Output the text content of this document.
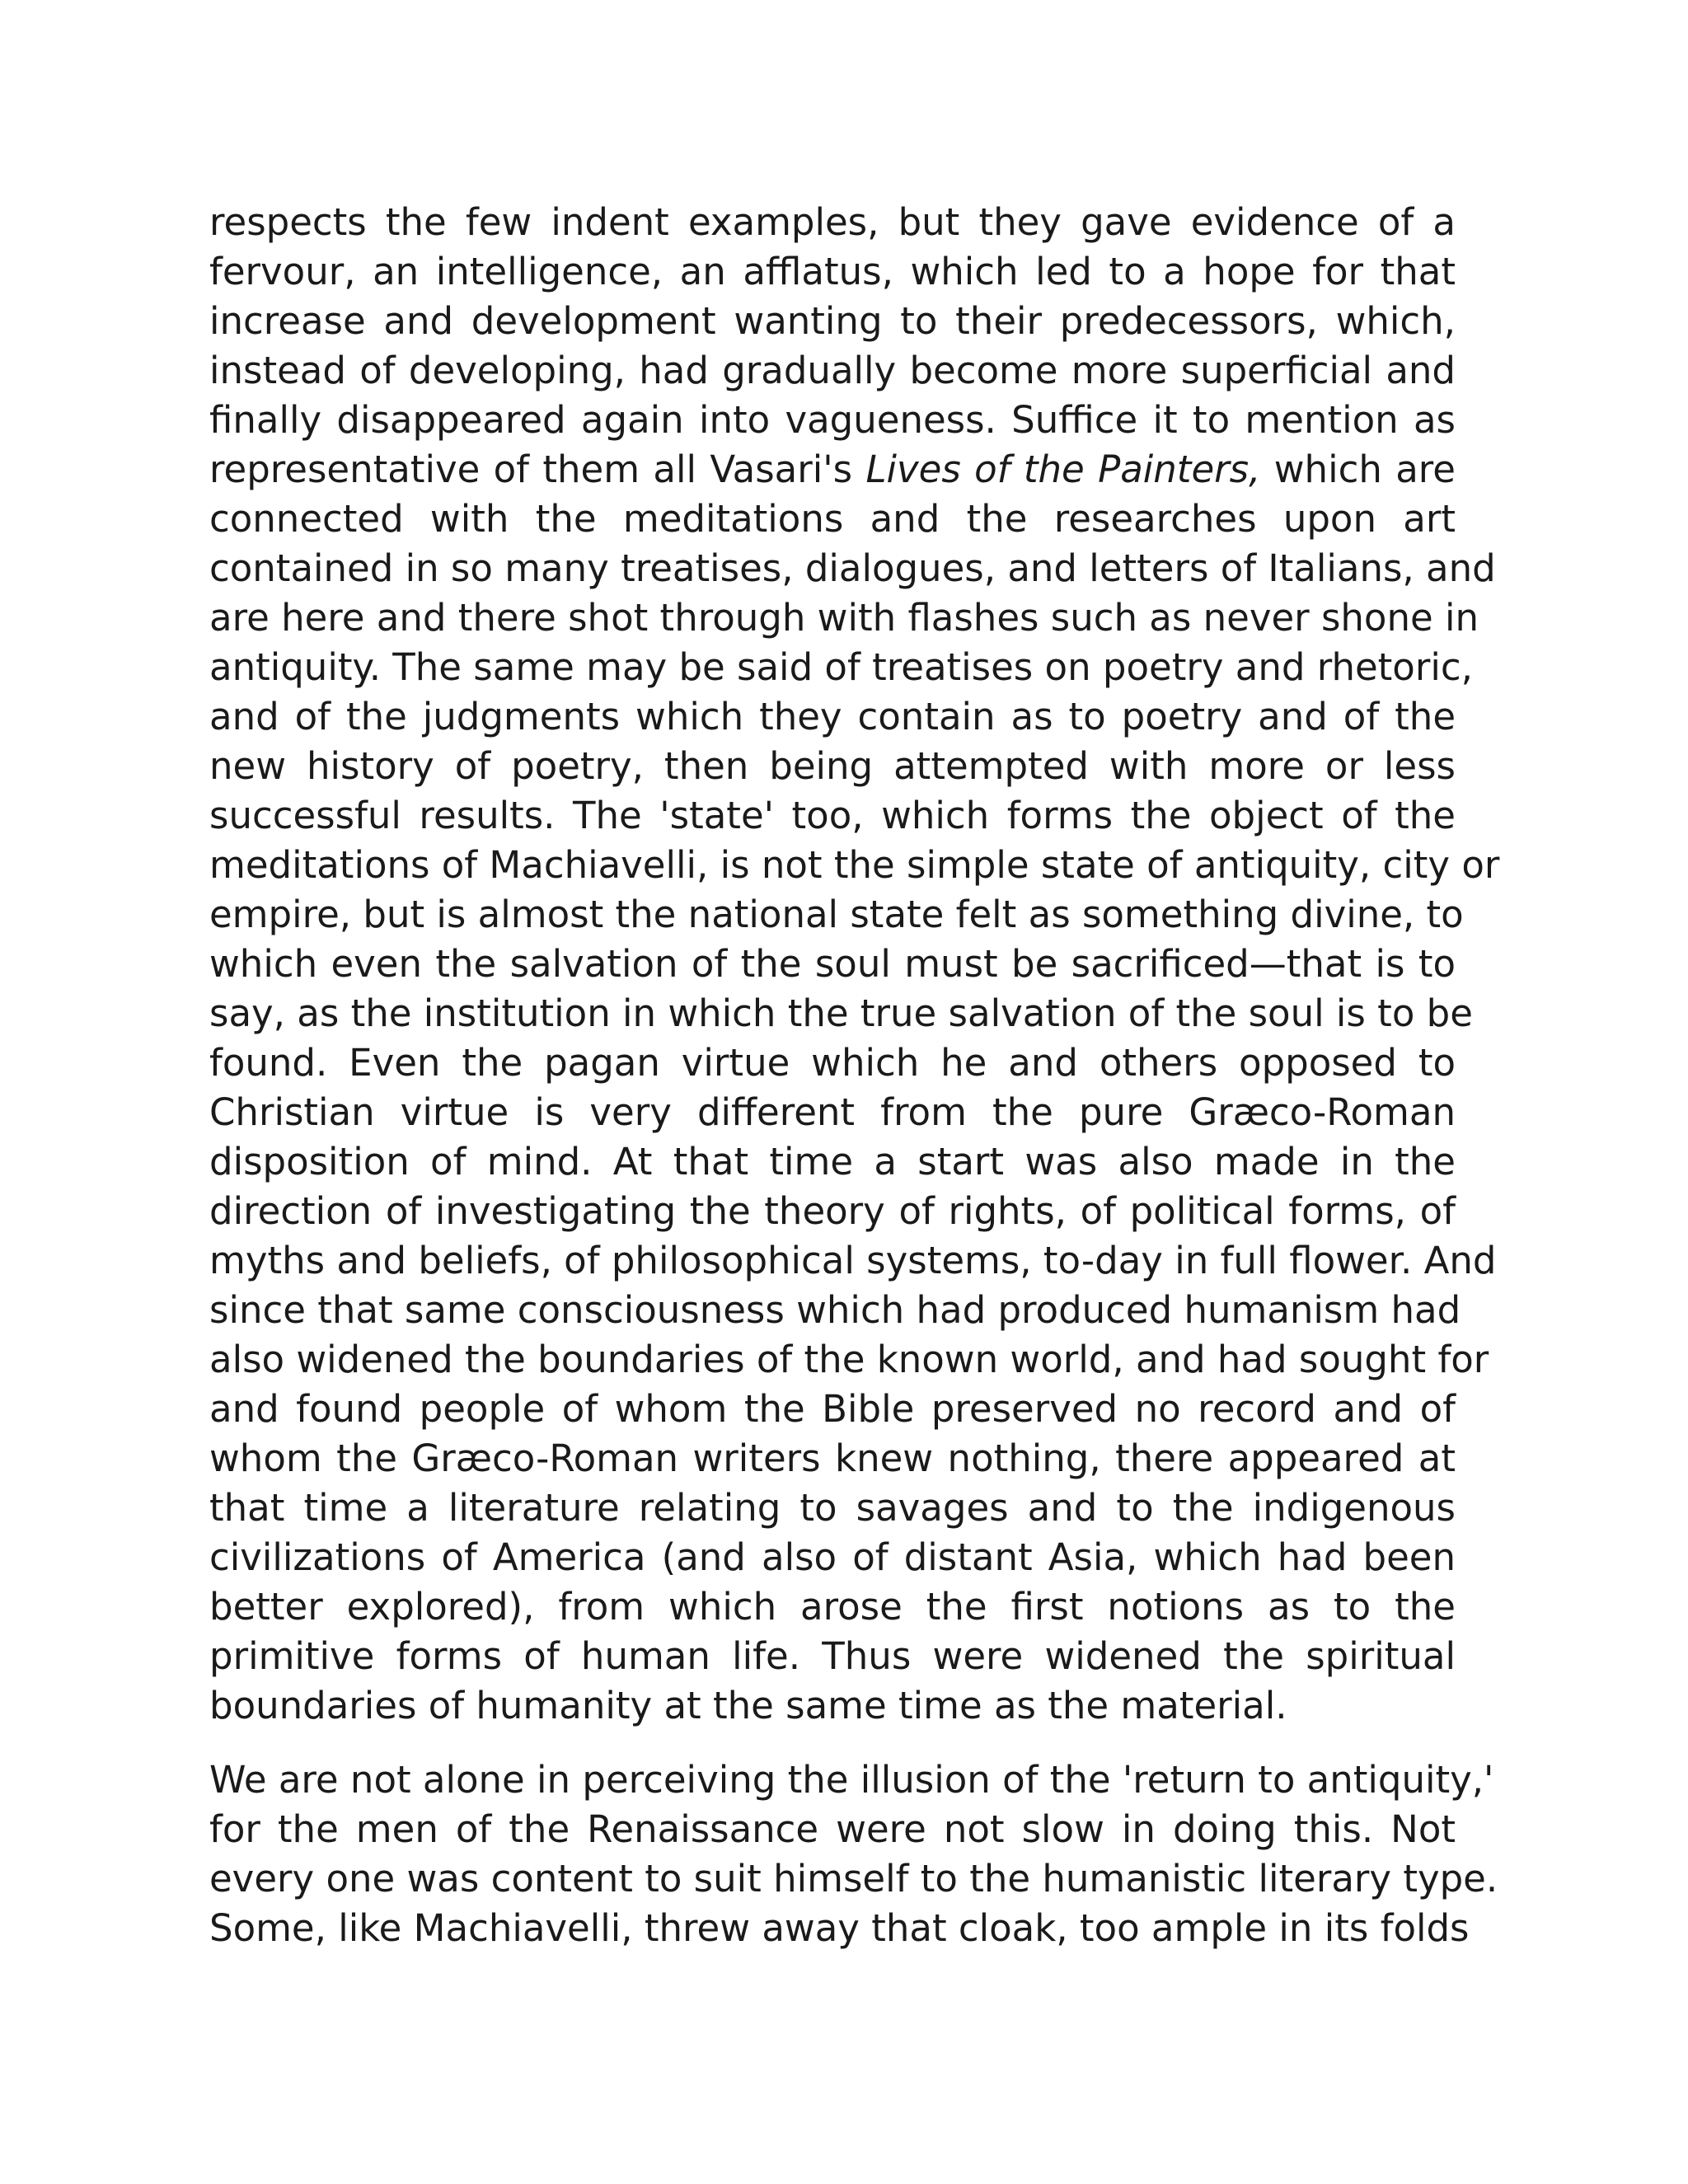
respects the few indent examples, but they gave evidence of a
fervour, an intelligence, an afflatus, which led to a hope for that
increase and development wanting to their predecessors, which,
instead of developing, had gradually become more superficial and
finally disappeared again into vagueness. Suffice it to mention as
representative of them all Vasari's Lives of the Painters, which are
connected with the meditations and the researches upon art
contained in so many treatises, dialogues, and letters of Italians, and
are here and there shot through with flashes such as never shone in
antiquity. The same may be said of treatises on poetry and rhetoric,
and of the judgments which they contain as to poetry and of the
new history of poetry, then being attempted with more or less
successful results. The 'state' too, which forms the object of the
meditations of Machiavelli, is not the simple state of antiquity, city or
empire, but is almost the national state felt as something divine, to
which even the salvation of the soul must be sacrificed—that is to
say, as the institution in which the true salvation of the soul is to be
found. Even the pagan virtue which he and others opposed to
Christian virtue is very different from the pure Græco-Roman
disposition of mind. At that time a start was also made in the
direction of investigating the theory of rights, of political forms, of
myths and beliefs, of philosophical systems, to-day in full flower. And
since that same consciousness which had produced humanism had
also widened the boundaries of the known world, and had sought for
and found people of whom the Bible preserved no record and of
whom the Græco-Roman writers knew nothing, there appeared at
that time a literature relating to savages and to the indigenous
civilizations of America (and also of distant Asia, which had been
better explored), from which arose the first notions as to the
primitive forms of human life. Thus were widened the spiritual
boundaries of humanity at the same time as the material.
We are not alone in perceiving the illusion of the 'return to antiquity,'
for the men of the Renaissance were not slow in doing this. Not
every one was content to suit himself to the humanistic literary type.
Some, like Machiavelli, threw away that cloak, too ample in its folds
